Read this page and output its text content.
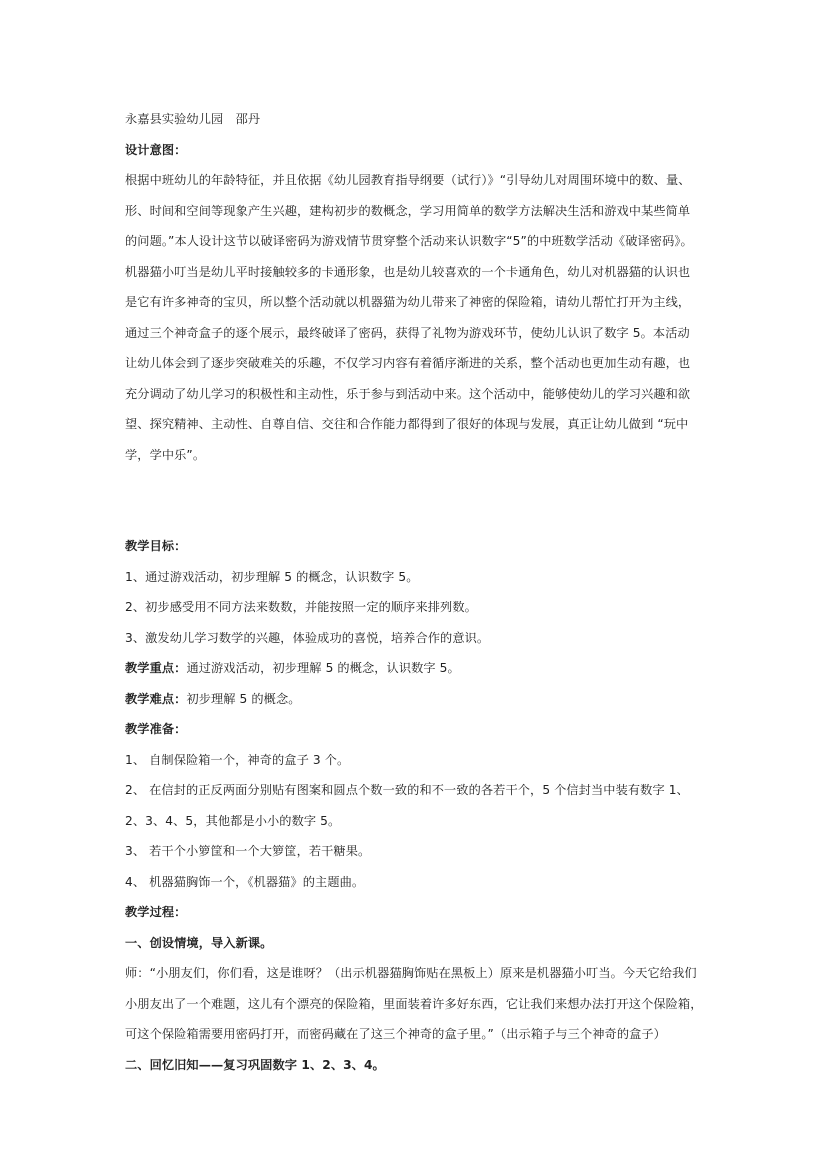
永嘉县实验幼儿园　邵丹
设计意图：
根据中班幼儿的年龄特征，并且依据《幼儿园教育指导纲要（试行）》“引导幼儿对周围环境中的数、量、
形、时间和空间等现象产生兴趣，建构初步的数概念，学习用简单的数学方法解决生活和游戏中某些简单
的问题。”本人设计这节以破译密码为游戏情节贯穿整个活动来认识数字“5”的中班数学活动《破译密码》。
机器猫小叮当是幼儿平时接触较多的卡通形象，也是幼儿较喜欢的一个卡通角色，幼儿对机器猫的认识也
是它有许多神奇的宝贝，所以整个活动就以机器猫为幼儿带来了神密的保险箱，请幼儿帮忙打开为主线，
通过三个神奇盒子的逐个展示，最终破译了密码，获得了礼物为游戏环节，使幼儿认识了数字 5。本活动
让幼儿体会到了逐步突破难关的乐趣，不仅学习内容有着循序渐进的关系，整个活动也更加生动有趣，也
充分调动了幼儿学习的积极性和主动性，乐于参与到活动中来。这个活动中，能够使幼儿的学习兴趣和欲
望、探究精神、主动性、自尊自信、交往和合作能力都得到了很好的体现与发展，真正让幼儿做到 “玩中
学，学中乐”。
教学目标：
1、通过游戏活动，初步理解 5 的概念，认识数字 5。
2、初步感受用不同方法来数数，并能按照一定的顺序来排列数。
3、激发幼儿学习数学的兴趣，体验成功的喜悦，培养合作的意识。
教学重点：通过游戏活动，初步理解 5 的概念，认识数字 5。
教学难点：初步理解 5 的概念。
教学准备：
1、 自制保险箱一个，神奇的盒子 3 个。
2、 在信封的正反两面分别贴有图案和圆点个数一致的和不一致的各若干个，5 个信封当中装有数字 1、
2、3、4、5，其他都是小小的数字 5。
3、 若干个小箩筐和一个大箩筐，若干糖果。
4、 机器猫胸饰一个，《机器猫》的主题曲。
教学过程：
一、创设情境，导入新课。
师：“小朋友们，你们看，这是谁呀？（出示机器猫胸饰贴在黑板上）原来是机器猫小叮当。今天它给我们
小朋友出了一个难题，这儿有个漂亮的保险箱，里面装着许多好东西，它让我们来想办法打开这个保险箱，
可这个保险箱需要用密码打开，而密码藏在了这三个神奇的盒子里。”（出示箱子与三个神奇的盒子）
二、回忆旧知——复习巩固数字 1、2、3、4。
